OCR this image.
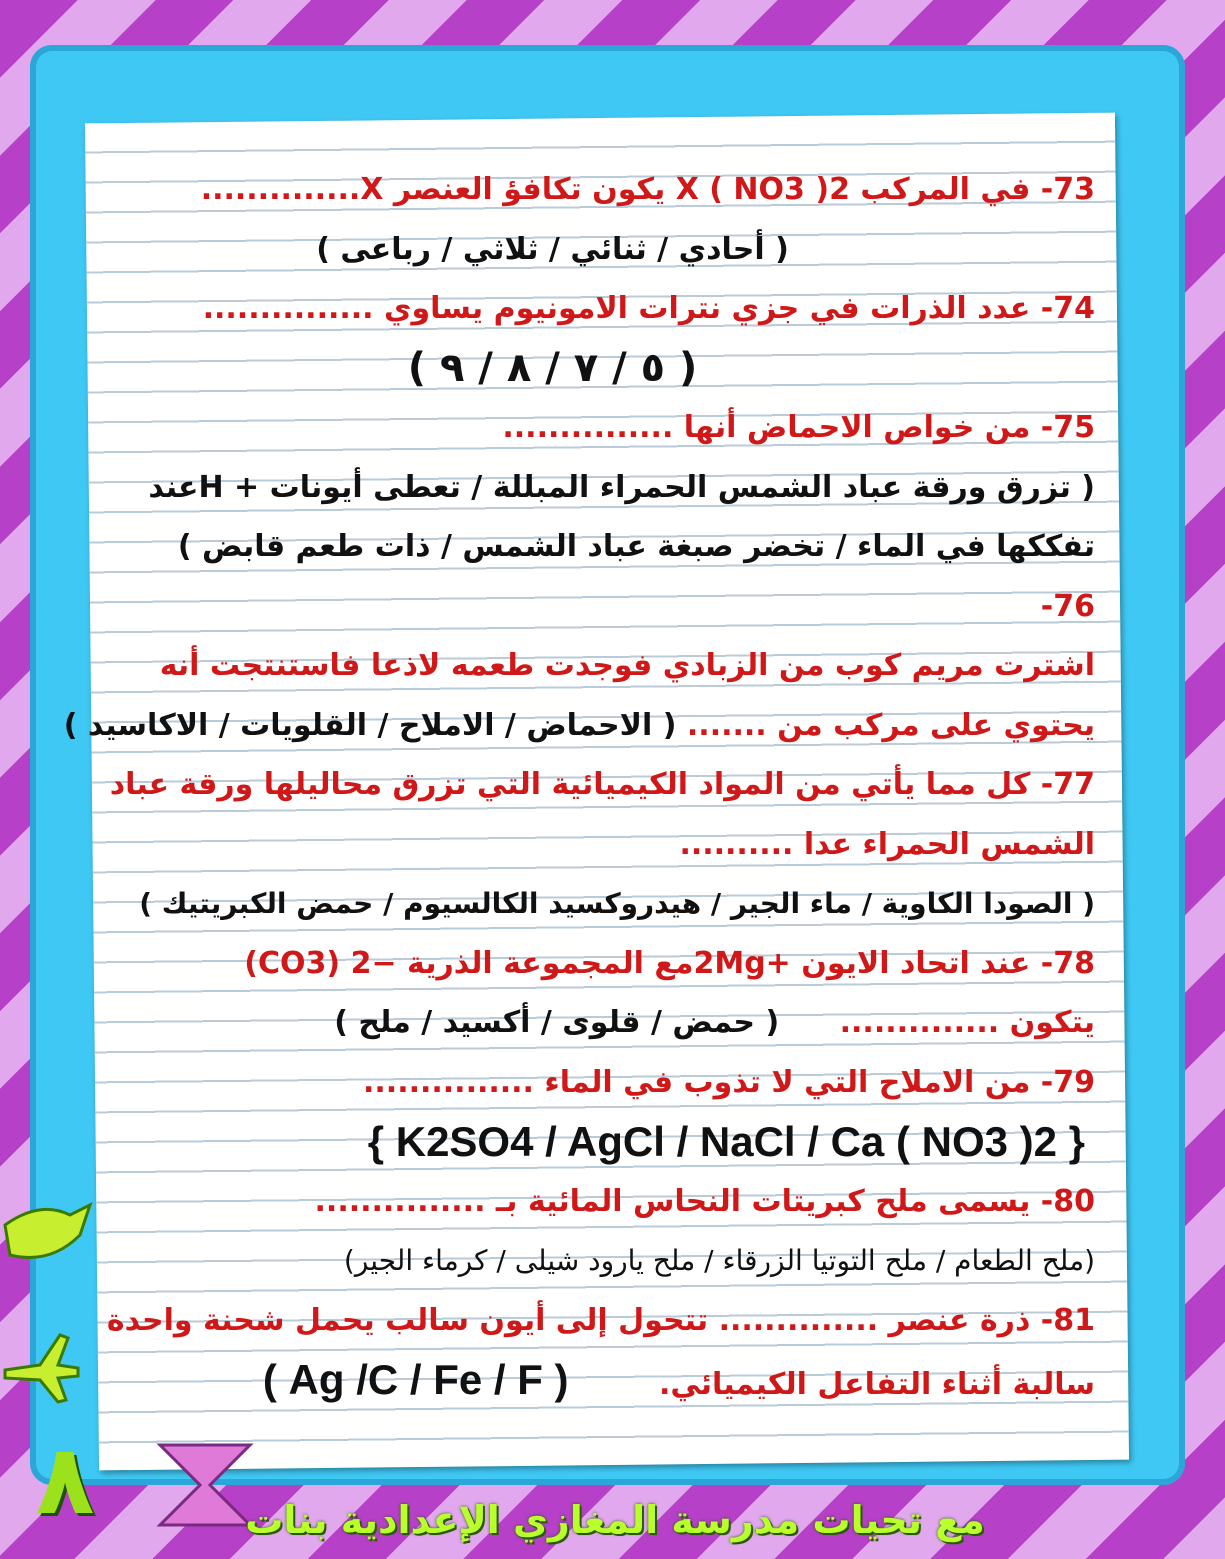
73- في المركب 2( X ( NO3 يكون تكافؤ العنصر X..............
( أحادي / ثنائي / ثلاثي / رباعى )
74- عدد الذرات في جزي نترات الامونيوم يساوي ...............
( ٥ / ٧ / ٨ / ٩ )
75- من خواص الاحماض أنها ...............
( تزرق ورقة عباد الشمس الحمراء المبللة / تعطى أيونات + Hعند
تفككها في الماء / تخضر صبغة عباد الشمس / ذات طعم قابض )
76-
اشترت مريم كوب من الزبادي فوجدت طعمه لاذعا فاستنتجت أنه
يحتوي على مركب من ....... ( الاحماض / الاملاح / القلويات / الاكاسيد )
77- كل مما يأتي من المواد الكيميائية التي تزرق محاليلها ورقة عباد
الشمس الحمراء عدا ..........
( الصودا الكاوية / ماء الجير / هيدروكسيد الكالسيوم / حمض الكبريتيك )
78- عند اتحاد الايون +2Mgمع المجموعة الذرية −2 (CO3)
يتكون .............. ( حمض / قلوى / أكسيد / ملح )
79- من الاملاح التي لا تذوب في الماء ...............
{ K2SO4 / AgCl / NaCl / Ca ( NO3 )2 }
80- يسمى ملح كبريتات النحاس المائية بـ ...............
(ملح الطعام / ملح التوتيا الزرقاء / ملح يارود شيلى / كرماء الجير)
81- ذرة عنصر .............. تتحول إلى أيون سالب يحمل شحنة واحدة
سالبة أثناء التفاعل الكيميائي. ( Ag /C / Fe / F )
٨	مع تحيات مدرسة المغازي الإعدادية بنات
